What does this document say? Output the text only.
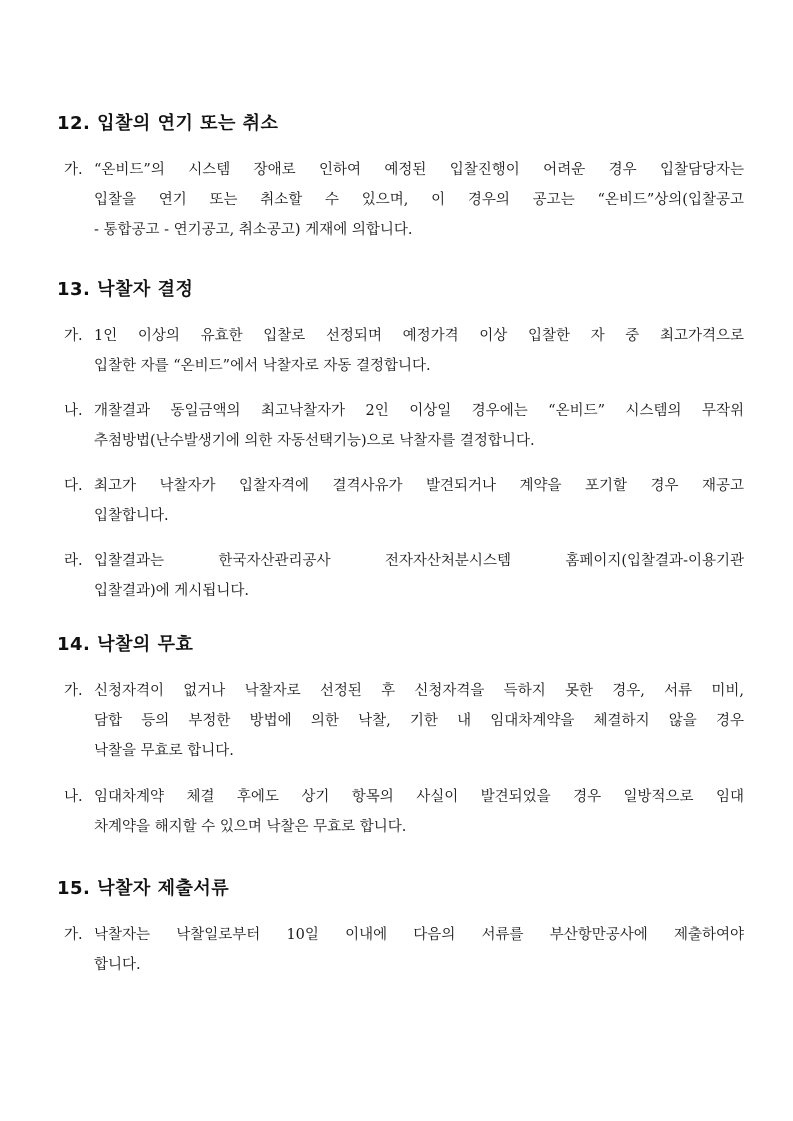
12. 입찰의 연기 또는 취소
가. “온비드”의 시스템 장애로 인하여 예정된 입찰진행이 어려운 경우 입찰담당자는
입찰을 연기 또는 취소할 수 있으며, 이 경우의 공고는 “온비드”상의(입찰공고
- 통합공고 - 연기공고, 취소공고) 게재에 의합니다.
13. 낙찰자 결정
가. 1인 이상의 유효한 입찰로 선정되며 예정가격 이상 입찰한 자 중 최고가격으로
입찰한 자를 “온비드”에서 낙찰자로 자동 결정합니다.
나. 개찰결과 동일금액의 최고낙찰자가 2인 이상일 경우에는 “온비드” 시스템의 무작위
추첨방법(난수발생기에 의한 자동선택기능)으로 낙찰자를 결정합니다.
다. 최고가 낙찰자가 입찰자격에 결격사유가 발견되거나 계약을 포기할 경우 재공고
입찰합니다.
라. 입찰결과는 한국자산관리공사 전자자산처분시스템 홈페이지(입찰결과-이용기관
입찰결과)에 게시됩니다.
14. 낙찰의 무효
가. 신청자격이 없거나 낙찰자로 선정된 후 신청자격을 득하지 못한 경우, 서류 미비,
담합 등의 부정한 방법에 의한 낙찰, 기한 내 임대차계약을 체결하지 않을 경우
낙찰을 무효로 합니다.
나. 임대차계약 체결 후에도 상기 항목의 사실이 발견되었을 경우 일방적으로 임대
차계약을 해지할 수 있으며 낙찰은 무효로 합니다.
15. 낙찰자 제출서류
가. 낙찰자는 낙찰일로부터 10일 이내에 다음의 서류를 부산항만공사에 제출하여야
합니다.
